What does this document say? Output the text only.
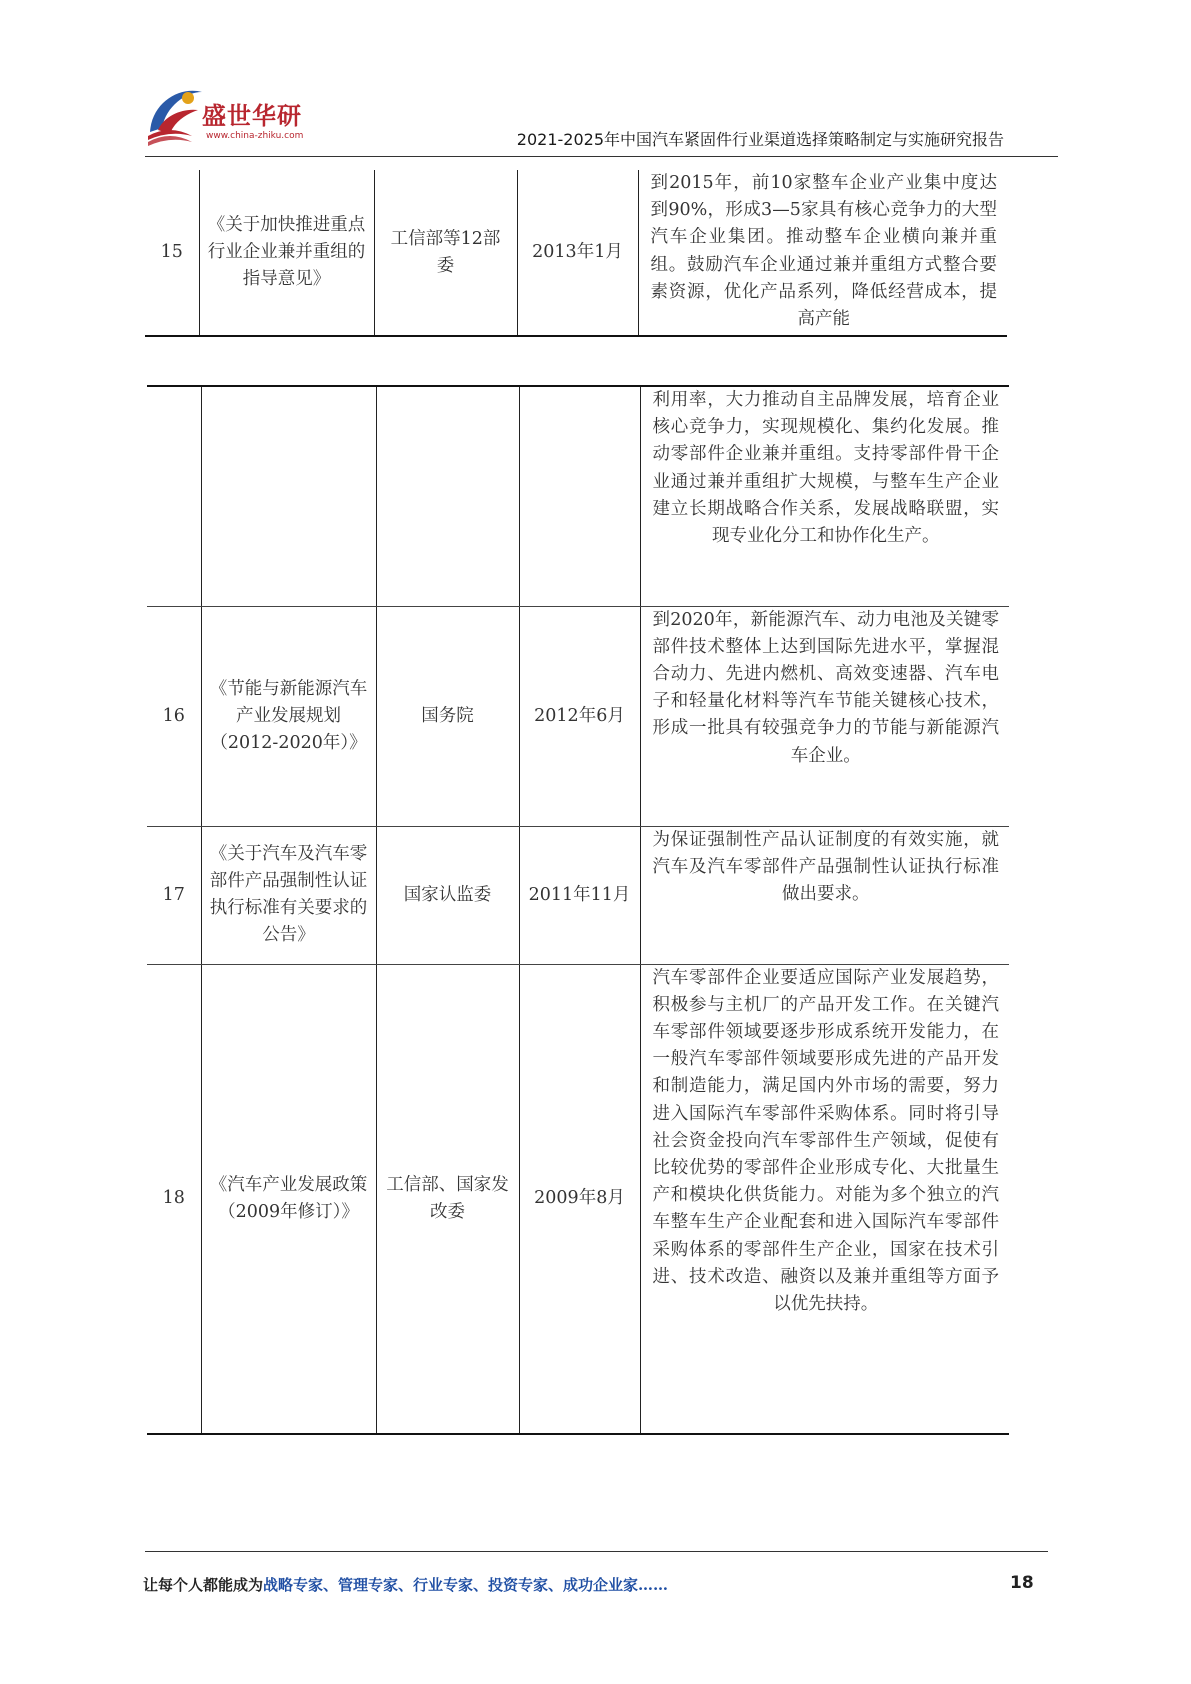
盛世华研
www.china-zhiku.com	2021-2025年中国汽车紧固件行业渠道选择策略制定与实施研究报告
15	《关于加快推进重点行业企业兼并重组的指导意见》	工信部等12部委	2013年1月	到2015年，前10家整车企业产业集中度达到90%，形成3—5家具有核心竞争力的大型汽车企业集团。推动整车企业横向兼并重组。鼓励汽车企业通过兼并重组方式整合要素资源，优化产品系列，降低经营成本，提高产能
				利用率，大力推动自主品牌发展，培育企业核心竞争力，实现规模化、集约化发展。推动零部件企业兼并重组。支持零部件骨干企业通过兼并重组扩大规模，与整车生产企业建立长期战略合作关系，发展战略联盟，实现专业化分工和协作化生产。
16	《节能与新能源汽车产业发展规划（2012-2020年）》	国务院	2012年6月	到2020年，新能源汽车、动力电池及关键零部件技术整体上达到国际先进水平，掌握混合动力、先进内燃机、高效变速器、汽车电子和轻量化材料等汽车节能关键核心技术，形成一批具有较强竞争力的节能与新能源汽车企业。
17	《关于汽车及汽车零部件产品强制性认证执行标准有关要求的公告》	国家认监委	2011年11月	为保证强制性产品认证制度的有效实施，就汽车及汽车零部件产品强制性认证执行标准做出要求。
18	《汽车产业发展政策（2009年修订）》	工信部、国家发改委	2009年8月	汽车零部件企业要适应国际产业发展趋势，积极参与主机厂的产品开发工作。在关键汽车零部件领域要逐步形成系统开发能力，在一般汽车零部件领域要形成先进的产品开发和制造能力，满足国内外市场的需要，努力进入国际汽车零部件采购体系。同时将引导社会资金投向汽车零部件生产领域，促使有比较优势的零部件企业形成专化、大批量生产和模块化供货能力。对能为多个独立的汽车整车生产企业配套和进入国际汽车零部件采购体系的零部件生产企业，国家在技术引进、技术改造、融资以及兼并重组等方面予以优先扶持。
让每个人都能成为战略专家、管理专家、行业专家、投资专家、成功企业家……	18
